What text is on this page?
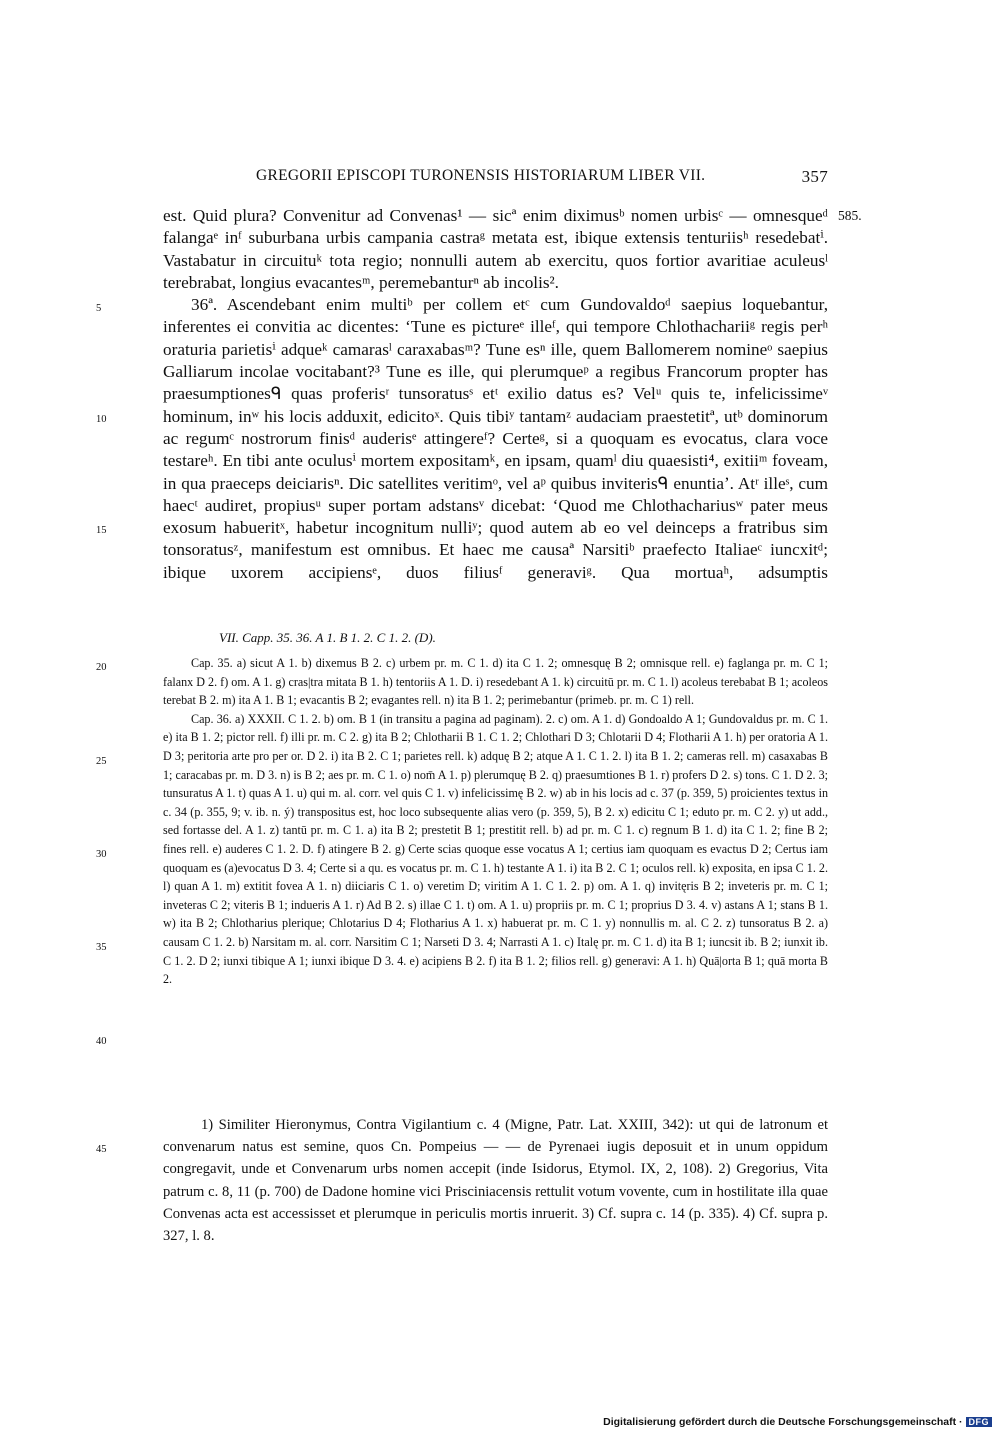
GREGORII EPISCOPI TURONENSIS HISTORIARUM LIBER VII.	357
585.
5
10
15
20
25
30
35
40
45

est. Quid plura? Convenitur ad Convenas¹ — sicª enim diximusᵇ nomen urbisᶜ — omnesqueᵈ falangaᵉ inᶠ suburbana urbis campania castraᵍ metata est, ibique extensis tenturiisʰ resedebatⁱ. Vastabatur in circuituᵏ tota regio; nonnulli autem ab exercitu, quos fortior avaritiae aculeusˡ terebrabat, longius evacantesᵐ, peremebanturⁿ ab incolis².

36ª. Ascendebant enim multiᵇ per collem etᶜ cum Gundovaldoᵈ saepius loquebantur, inferentes ei convitia ac dicentes: ʻTune es pictureᵉ illeᶠ, qui tempore Chlothachariiᵍ regis perʰ oraturia parietisⁱ adqueᵏ camarasˡ caraxabasᵐ? Tune esⁿ ille, quem Ballomerem nomineᵒ saepius Galliarum incolae vocitabant?³ Tune es ille, qui plerumqueᵖ a regibus Francorum propter has praesumptionesᑫ quas proferisʳ tunsoratusˢ etᵗ exilio datus es? Velᵘ quis te, infelicissimeᵛ hominum, inʷ his locis adduxit, edicitoˣ. Quis tibiʸ tantamᶻ audaciam praestetitª, utᵇ dominorum ac regumᶜ nostrorum finisᵈ auderisᵉ attingereᶠ? Certeᵍ, si a quoquam es evocatus, clara voce testareʰ. En tibi ante oculusⁱ mortem expositamᵏ, en ipsam, quamˡ diu quaesisti⁴, exitiiᵐ foveam, in qua praeceps deiciarisⁿ. Dic satellites veritimᵒ, vel aᵖ quibus inviterisᑫ enuntiaʼ. Atʳ illeˢ, cum haecᵗ audiret, propiusᵘ super portam adstansᵛ dicebat: ʻQuod me Chlothachariusʷ pater meus exosum habueritˣ, habetur incognitum nulliʸ; quod autem ab eo vel deinceps a fratribus sim tonsoratusᶻ, manifestum est omnibus. Et haec me causaª Narsitiᵇ praefecto Italiaeᶜ iuncxitᵈ; ibique uxorem accipiensᵉ, duos filiusᶠ generaviᵍ. Qua mortuaʰ, adsumptis

VII. Capp. 35. 36. A 1. B 1. 2. C 1. 2. (D).

Cap. 35. a) sicut A 1. b) dixemus B 2. c) urbem pr. m. C 1. d) ita C 1. 2; omnesquę B 2; omnisque rell. e) faglanga pr. m. C 1; falanx D 2. f) om. A 1. g) cras|tra mitata B 1. h) tentoriis A 1. D. i) resedebant A 1. k) circuitū pr. m. C 1. l) acoleus terebabat B 1; acoleos terebat B 2. m) ita A 1. B 1; evacantis B 2; evagantes rell. n) ita B 1. 2; perimebantur (primeb. pr. m. C 1) rell.

Cap. 36. a) XXXII. C 1. 2. b) om. B 1 (in transitu a pagina ad paginam). 2. c) om. A 1. d) Gondoaldo A 1; Gundovaldus pr. m. C 1. e) ita B 1. 2; pictor rell. f) illi pr. m. C 2. g) ita B 2; Chlotharii B 1. C 1. 2; Chlothari D 3; Chlotarii D 4; Flotharii A 1. h) per oratoria A 1. D 3; peritoria arte pro per or. D 2. i) ita B 2. C 1; parietes rell. k) adquę B 2; atque A 1. C 1. 2. l) ita B 1. 2; cameras rell. m) casaxabas B 1; caracabas pr. m. D 3. n) is B 2; aes pr. m. C 1. o) nom̄ A 1. p) plerumquę B 2. q) praesumtiones B 1. r) profers D 2. s) tons. C 1. D 2. 3; tunsuratus A 1. t) quas A 1. u) qui m. al. corr. vel quis C 1. v) infelicissimę B 2. w) ab in his locis ad c. 37 (p. 359, 5) proicientes textus in c. 34 (p. 355, 9; v. ib. n. ý) transpositus est, hoc loco subsequente alias vero (p. 359, 5), B 2. x) edicitu C 1; eduto pr. m. C 2. y) ut add., sed fortasse del. A 1. z) tantū pr. m. C 1. a) ita B 2; prestetit B 1; prestitit rell. b) ad pr. m. C 1. c) regnum B 1. d) ita C 1. 2; fine B 2; fines rell. e) auderes C 1. 2. D. f) atingere B 2. g) Certe scias quoque esse vocatus A 1; certius iam quoquam es evactus D 2; Certus iam quoquam es (a)evocatus D 3. 4; Certe si a qu. es vocatus pr. m. C 1. h) testante A 1. i) ita B 2. C 1; oculos rell. k) exposita, en ipsa C 1. 2. l) quan A 1. m) extitit fovea A 1. n) diiciaris C 1. o) veretim D; viritim A 1. C 1. 2. p) om. A 1. q) invitęris B 2; inveteris pr. m. C 1; inveteras C 2; viteris B 1; indueris A 1. r) Ad B 2. s) illae C 1. t) om. A 1. u) propriis pr. m. C 1; proprius D 3. 4. v) astans A 1; stans B 1. w) ita B 2; Chlotharius plerique; Chlotarius D 4; Flotharius A 1. x) habuerat pr. m. C 1. y) nonnullis m. al. C 2. z) tunsoratus B 2. a) causam C 1. 2. b) Narsitam m. al. corr. Narsitim C 1; Narseti D 3. 4; Narrasti A 1. c) Italę pr. m. C 1. d) ita B 1; iuncsit ib. B 2; iunxit ib. C 1. 2. D 2; iunxi tibique A 1; iunxi ibique D 3. 4. e) acipiens B 2. f) ita B 1. 2; filios rell. g) generavi: A 1. h) Quā|orta B 1; quā morta B 2.

1) Similiter Hieronymus, Contra Vigilantium c. 4 (Migne, Patr. Lat. XXIII, 342): ut qui de latronum et convenarum natus est semine, quos Cn. Pompeius — — de Pyrenaei iugis deposuit et in unum oppidum congregavit, unde et Convenarum urbs nomen accepit (inde Isidorus, Etymol. IX, 2, 108). 2) Gregorius, Vita patrum c. 8, 11 (p. 700) de Dadone homine vici Prisciniacensis rettulit votum vovente, cum in hostilitate illa quae Convenas acta est accessisset et plerumque in periculis mortis inruerit. 3) Cf. supra c. 14 (p. 335). 4) Cf. supra p. 327, l. 8.

Digitalisierung gefördert durch die Deutsche Forschungsgemeinschaft · DFG
